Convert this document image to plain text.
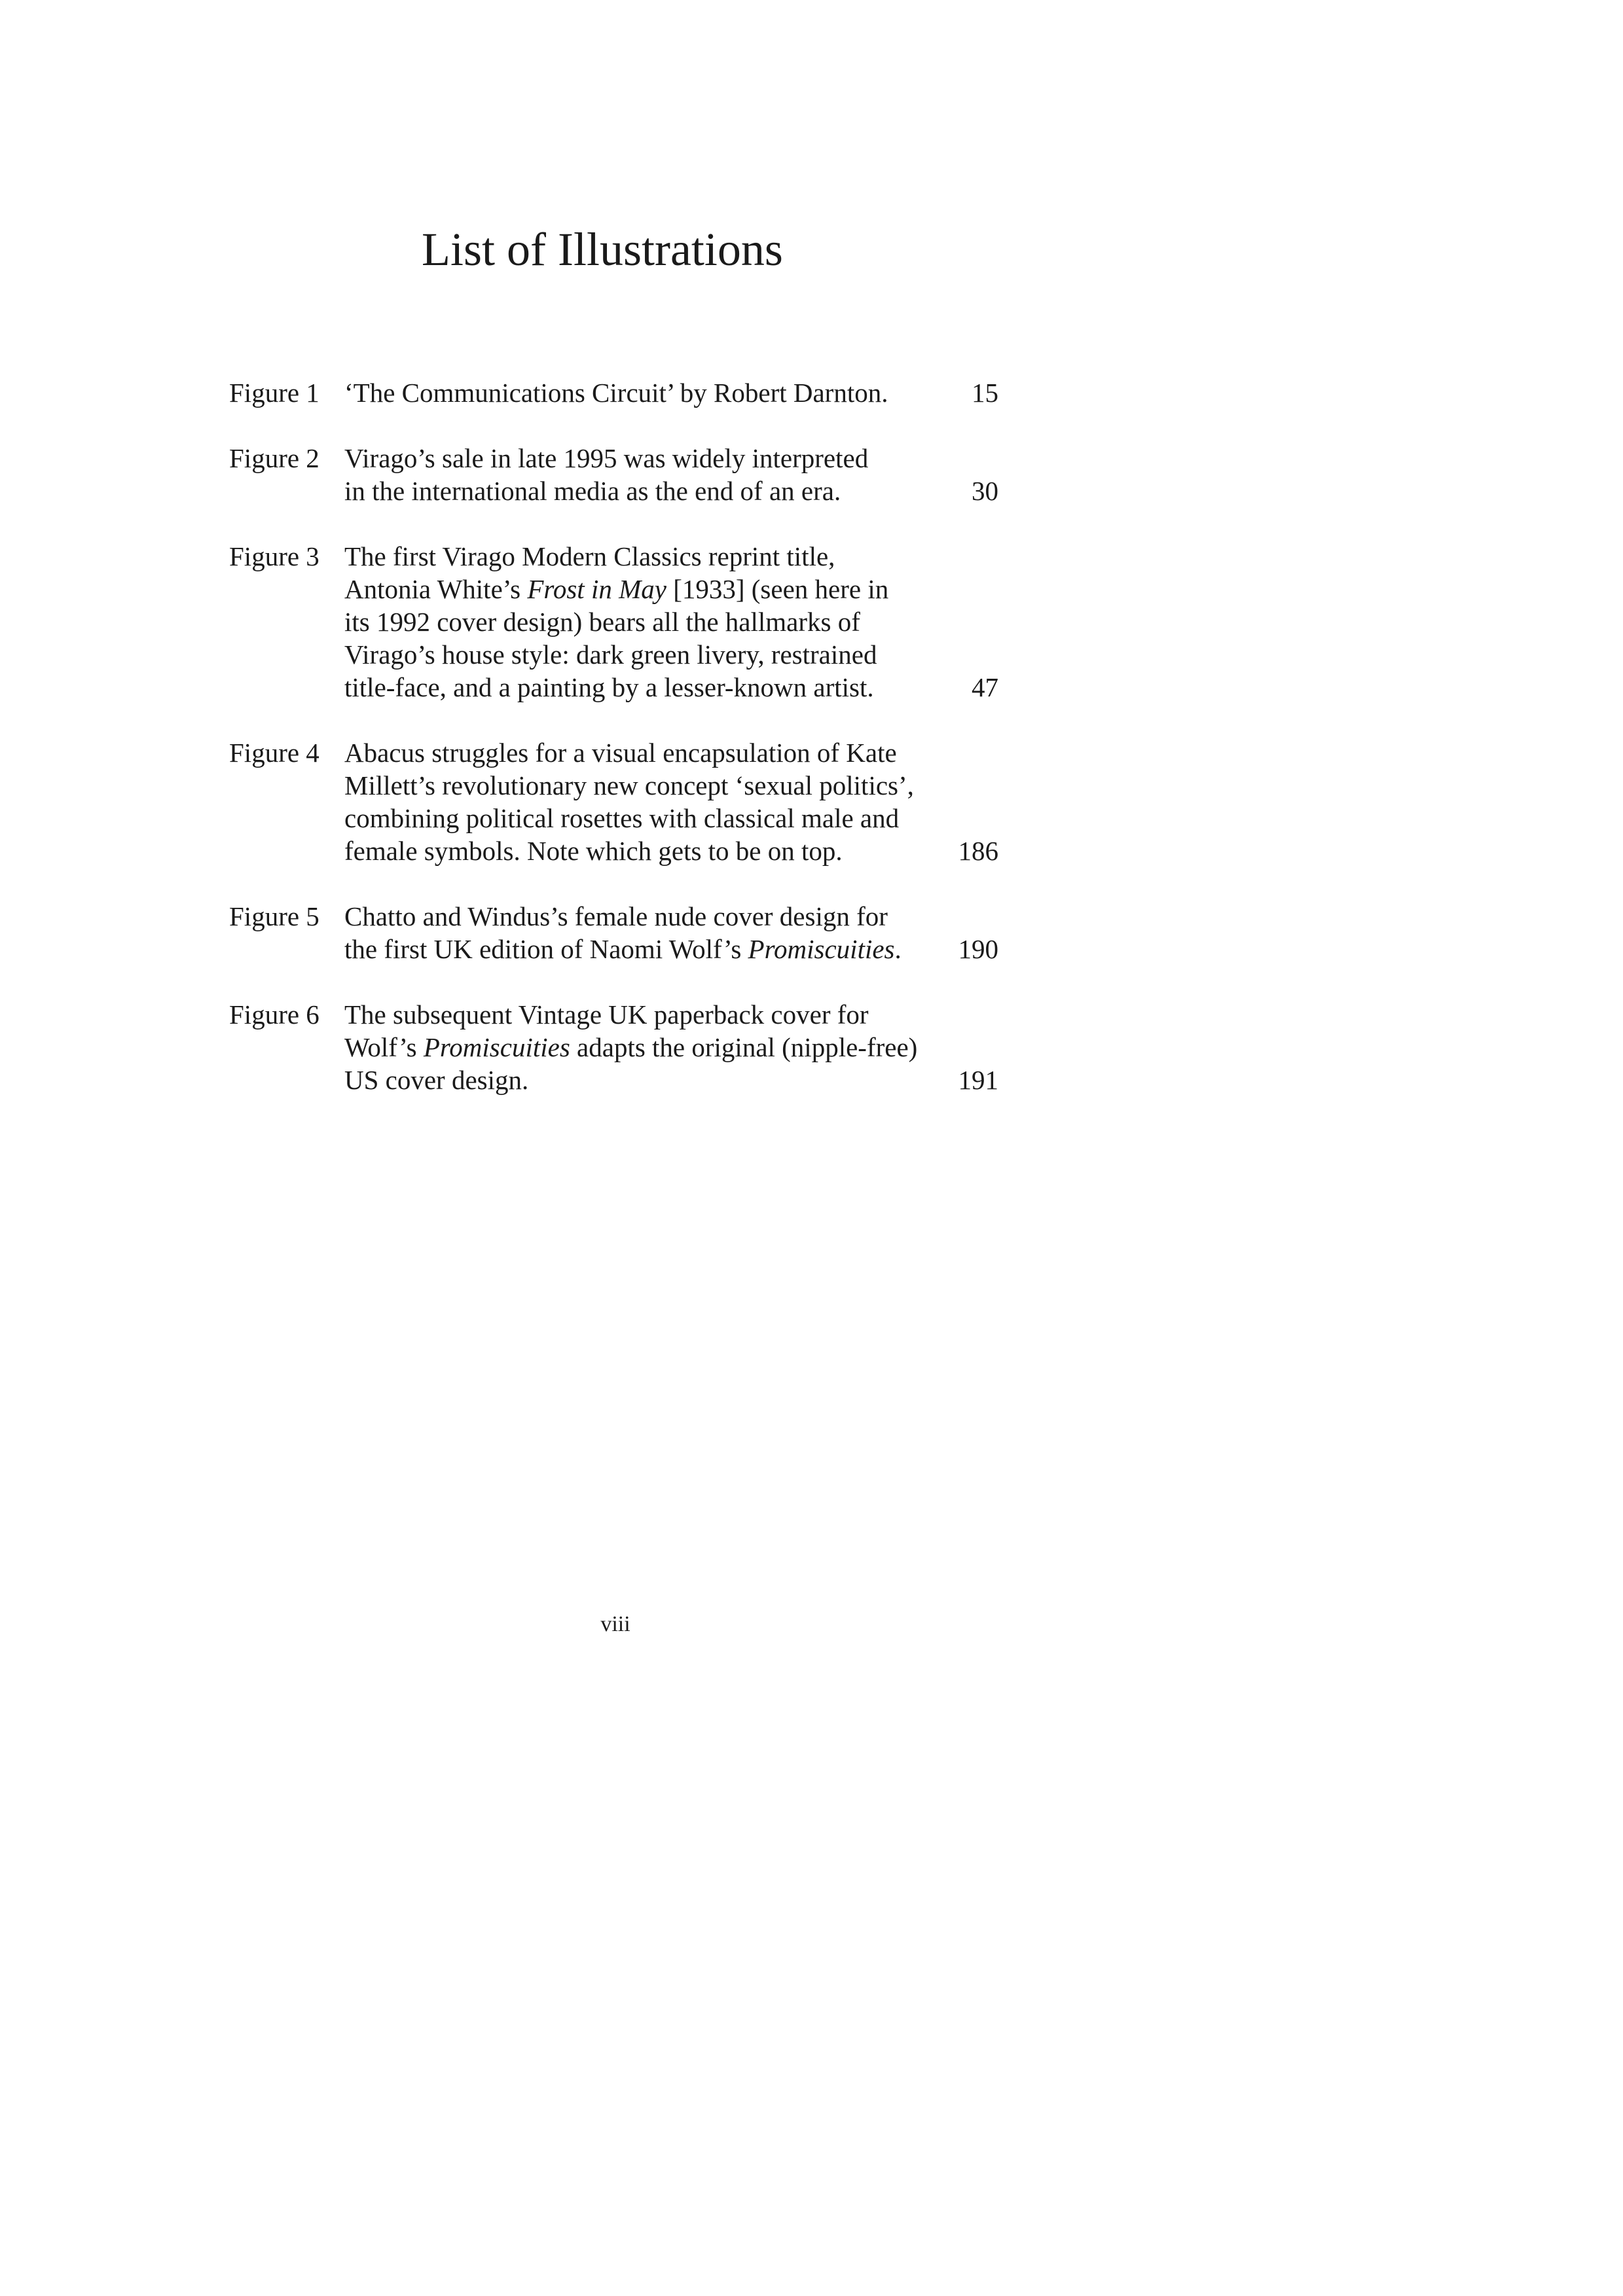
List of Illustrations
Figure 1 ‘The Communications Circuit’ by Robert Darnton.	15
Figure 2 Virago’s sale in late 1995 was widely interpreted
in the international media as the end of an era.	30
Figure 3 The first Virago Modern Classics reprint title,
Antonia White’s Frost in May [1933] (seen here in
its 1992 cover design) bears all the hallmarks of
Virago’s house style: dark green livery, restrained
title-face, and a painting by a lesser-known artist.	47
Figure 4 Abacus struggles for a visual encapsulation of Kate
Millett’s revolutionary new concept ‘sexual politics’,
combining political rosettes with classical male and
female symbols. Note which gets to be on top.	186
Figure 5 Chatto and Windus’s female nude cover design for
the first UK edition of Naomi Wolf’s Promiscuities.	190
Figure 6 The subsequent Vintage UK paperback cover for
Wolf’s Promiscuities adapts the original (nipple-free)
US cover design.	191
viii
